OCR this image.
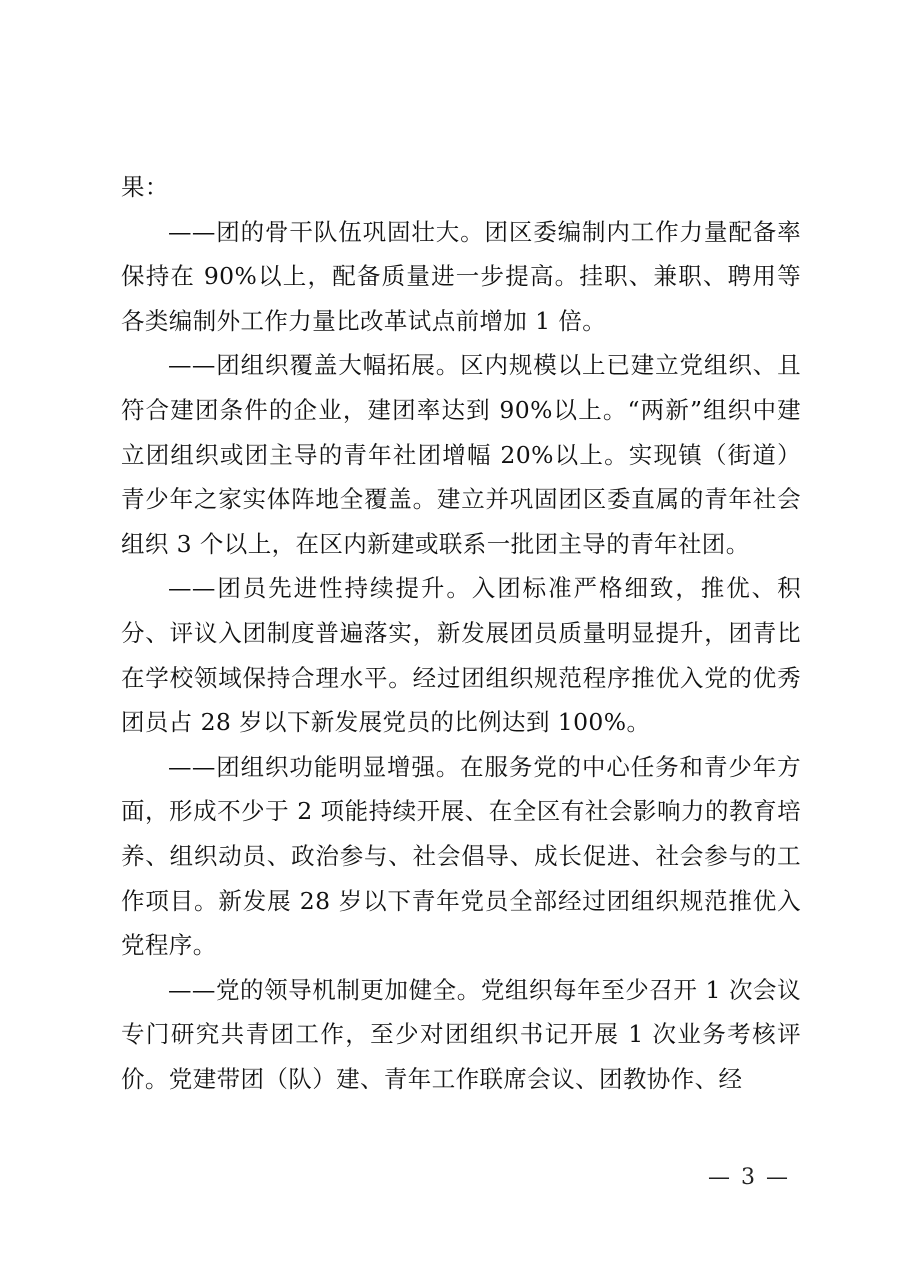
果：

——团的骨干队伍巩固壮大。团区委编制内工作力量配备率保持在 90%以上，配备质量进一步提高。挂职、兼职、聘用等各类编制外工作力量比改革试点前增加 1 倍。

——团组织覆盖大幅拓展。区内规模以上已建立党组织、且符合建团条件的企业，建团率达到 90%以上。“两新”组织中建立团组织或团主导的青年社团增幅 20%以上。实现镇（街道）青少年之家实体阵地全覆盖。建立并巩固团区委直属的青年社会组织 3 个以上，在区内新建或联系一批团主导的青年社团。

——团员先进性持续提升。入团标准严格细致，推优、积分、评议入团制度普遍落实，新发展团员质量明显提升，团青比在学校领域保持合理水平。经过团组织规范程序推优入党的优秀团员占 28 岁以下新发展党员的比例达到 100%。

——团组织功能明显增强。在服务党的中心任务和青少年方面，形成不少于 2 项能持续开展、在全区有社会影响力的教育培养、组织动员、政治参与、社会倡导、成长促进、社会参与的工作项目。新发展 28 岁以下青年党员全部经过团组织规范推优入党程序。

——党的领导机制更加健全。党组织每年至少召开 1 次会议专门研究共青团工作，至少对团组织书记开展 1 次业务考核评价。党建带团（队）建、青年工作联席会议、团教协作、经

— 3 —
